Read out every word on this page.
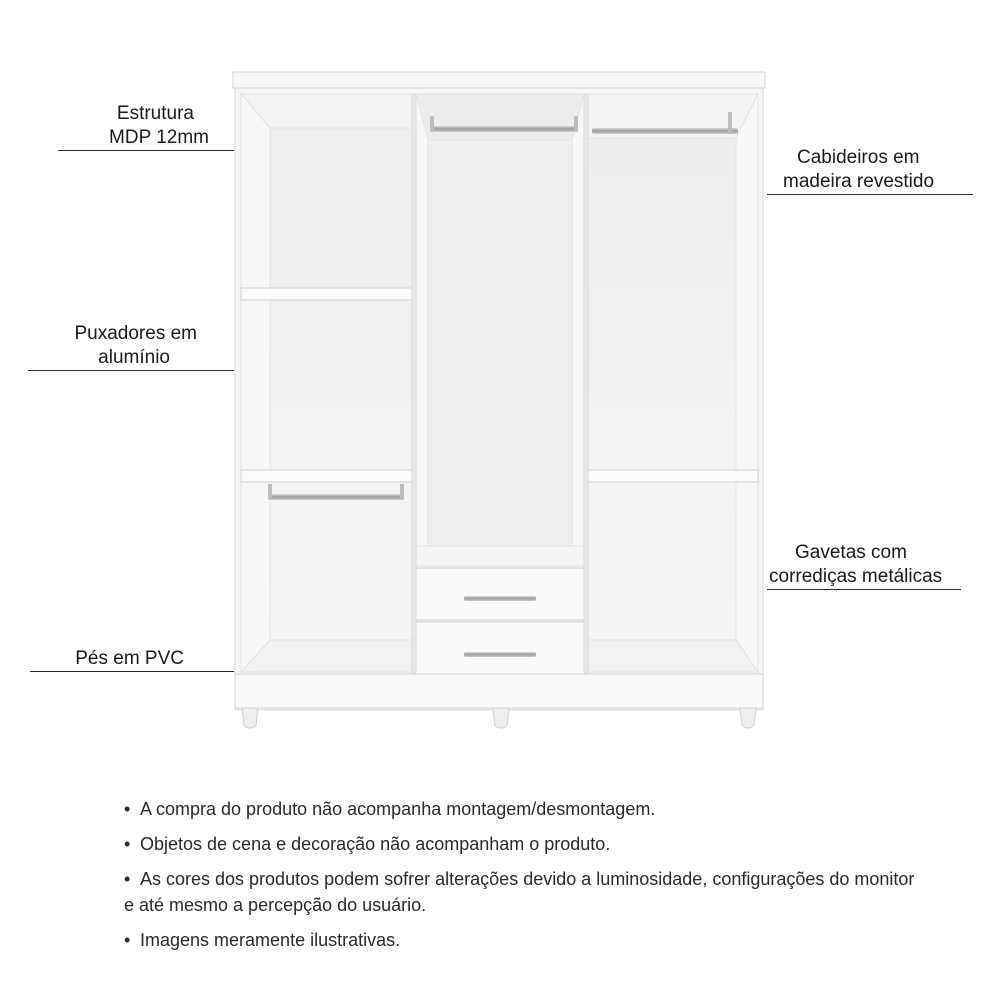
Estrutura
MDP 12mm
Puxadores em
alumínio
Pés em PVC
Cabideiros em
madeira revestido
Gavetas com
corrediças metálicas
• A compra do produto não acompanha montagem/desmontagem.
• Objetos de cena e decoração não acompanham o produto.
• As cores dos produtos podem sofrer alterações devido a luminosidade, configurações do monitor e até mesmo a percepção do usuário.
• Imagens meramente ilustrativas.
